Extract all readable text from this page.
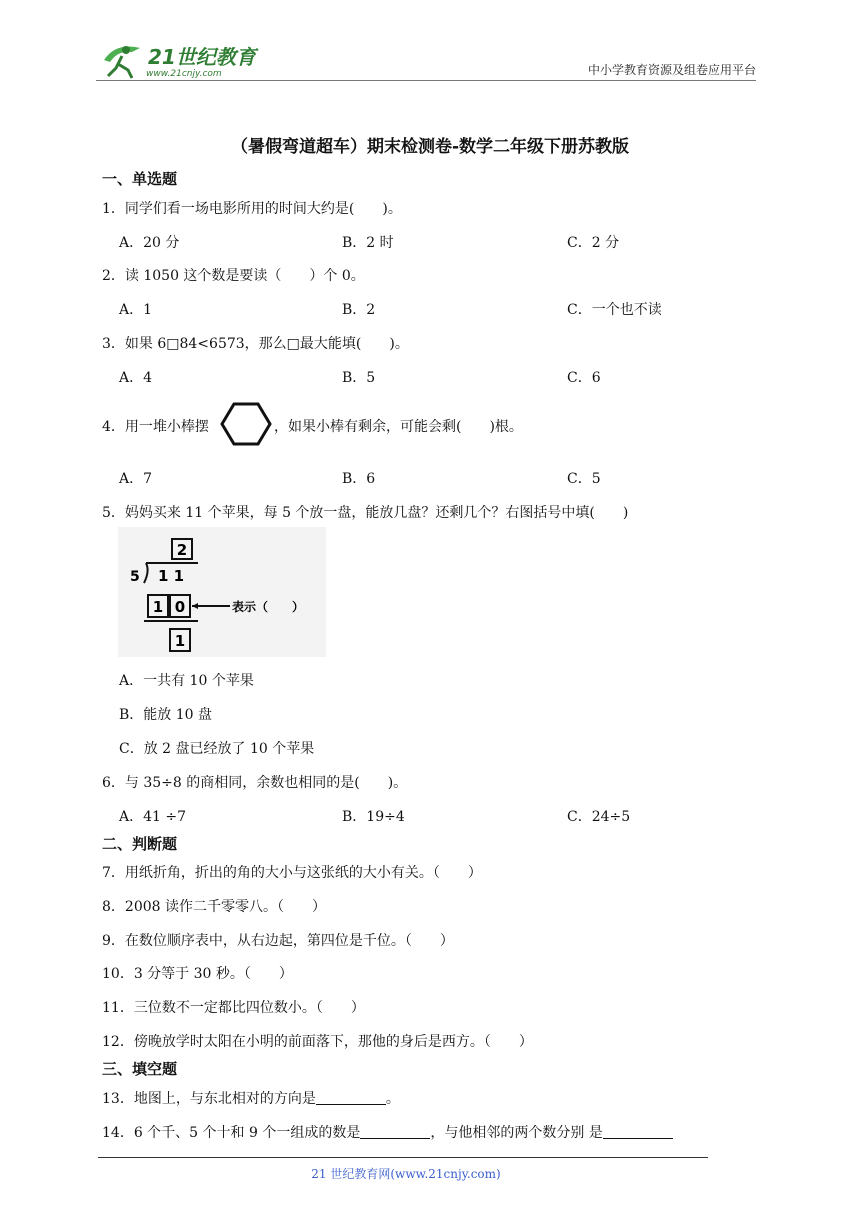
21世纪教育
www.21cnjy.com	中小学教育资源及组卷应用平台
（暑假弯道超车）期末检测卷-数学二年级下册苏教版
一、单选题
1．同学们看一场电影所用的时间大约是(　　)。
A．20 分	B．2 时	C．2 分
2．读 1050 这个数是要读（　　）个 0。
A．1	B．2	C．一个也不读
3．如果 6□84<6573，那么□最大能填(　　)。
A．4	B．5	C．6
4．用一堆小棒摆	，如果小棒有剩余，可能会剩(　　)根。
A．7	B．6	C．5
5．妈妈买来 11 个苹果，每 5 个放一盘，能放几盘？还剩几个？右图括号中填(　　)
2
5 1 1
1 0	表示（　　）
1
A．一共有 10 个苹果
B．能放 10 盘
C．放 2 盘已经放了 10 个苹果
6．与 35÷8 的商相同，余数也相同的是(　　)。
A．41 ÷7	B．19÷4	C．24÷5
二、判断题
7．用纸折角，折出的角的大小与这张纸的大小有关。（　　）
8．2008 读作二千零零八。（　　）
9．在数位顺序表中，从右边起，第四位是千位。（　　）
10．3 分等于 30 秒。（　　）
11．三位数不一定都比四位数小。（　　）
12．傍晚放学时太阳在小明的前面落下，那他的身后是西方。（　　）
三、填空题
13．地图上，与东北相对的方向是	。
14．6 个千、5 个十和 9 个一组成的数是	，与他相邻的两个数分别 是
21 世纪教育网(www.21cnjy.com)
